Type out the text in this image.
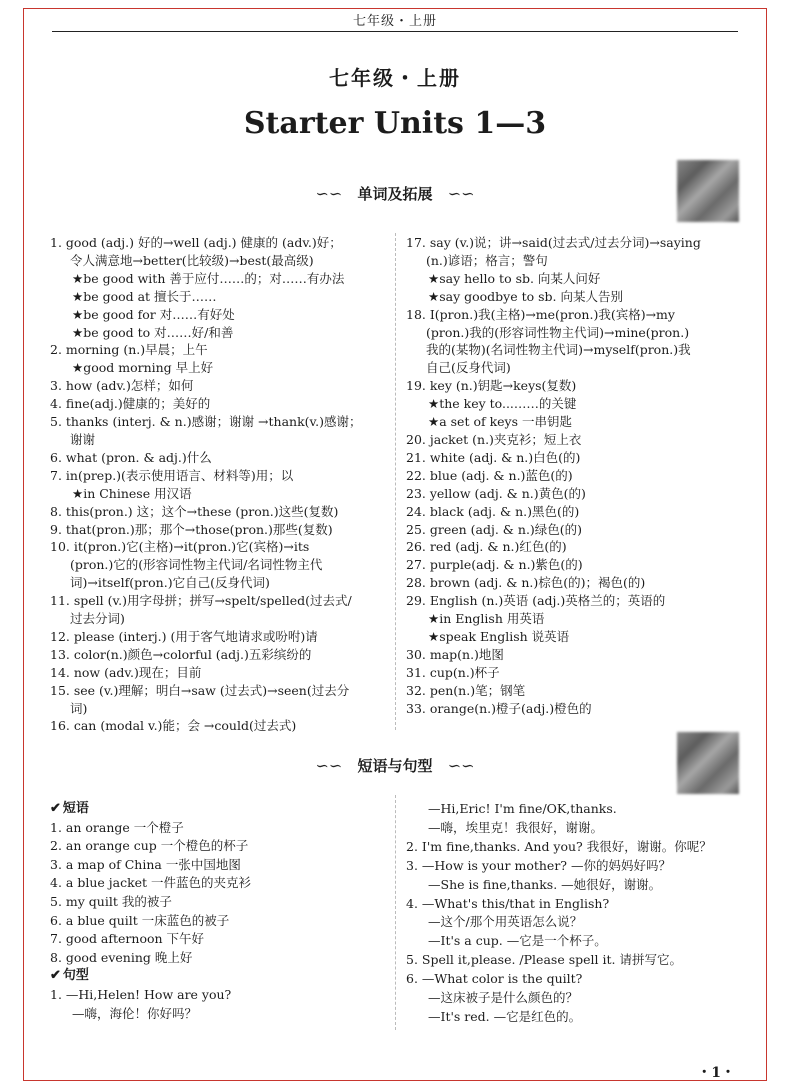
七年级・上册
七年级・上册
Starter Units 1—3
∽∽ 单词及拓展 ∽∽
1. good (adj.) 好的→well (adj.) 健康的 (adv.)好；
令人满意地→better(比较级)→best(最高级)
★be good with 善于应付……的；对……有办法
★be good at 擅长于……
★be good for 对……有好处
★be good to 对……好/和善
2. morning (n.)早晨；上午
★good morning 早上好
3. how (adv.)怎样；如何
4. fine(adj.)健康的；美好的
5. thanks (interj. & n.)感谢；谢谢 →thank(v.)感谢；
谢谢
6. what (pron. & adj.)什么
7. in(prep.)(表示使用语言、材料等)用；以
★in Chinese 用汉语
8. this(pron.) 这；这个→these (pron.)这些(复数)
9. that(pron.)那；那个→those(pron.)那些(复数)
10. it(pron.)它(主格)→it(pron.)它(宾格)→its
(pron.)它的(形容词性物主代词/名词性物主代
词)→itself(pron.)它自己(反身代词)
11. spell (v.)用字母拼；拼写→spelt/spelled(过去式/
过去分词)
12. please (interj.) (用于客气地请求或吩咐)请
13. color(n.)颜色→colorful (adj.)五彩缤纷的
14. now (adv.)现在；目前
15. see (v.)理解；明白→saw (过去式)→seen(过去分
词)
16. can (modal v.)能；会 →could(过去式)
17. say (v.)说；讲→said(过去式/过去分词)→saying
(n.)谚语；格言；警句
★say hello to sb. 向某人问好
★say goodbye to sb. 向某人告别
18. I(pron.)我(主格)→me(pron.)我(宾格)→my
(pron.)我的(形容词性物主代词)→mine(pron.)
我的(某物)(名词性物主代词)→myself(pron.)我
自己(反身代词)
19. key (n.)钥匙→keys(复数)
★the key to...……的关键
★a set of keys 一串钥匙
20. jacket (n.)夹克衫；短上衣
21. white (adj. & n.)白色(的)
22. blue (adj. & n.)蓝色(的)
23. yellow (adj. & n.)黄色(的)
24. black (adj. & n.)黑色(的)
25. green (adj. & n.)绿色(的)
26. red (adj. & n.)红色(的)
27. purple(adj. & n.)紫色(的)
28. brown (adj. & n.)棕色(的)；褐色(的)
29. English (n.)英语 (adj.)英格兰的；英语的
★in English 用英语
★speak English 说英语
30. map(n.)地图
31. cup(n.)杯子
32. pen(n.)笔；钢笔
33. orange(n.)橙子(adj.)橙色的
∽∽ 短语与句型 ∽∽
✔ 短语
1. an orange 一个橙子
2. an orange cup 一个橙色的杯子
3. a map of China 一张中国地图
4. a blue jacket 一件蓝色的夹克衫
5. my quilt 我的被子
6. a blue quilt 一床蓝色的被子
7. good afternoon 下午好
8. good evening 晚上好
✔ 句型
1. —Hi,Helen! How are you?
—嗨，海伦！你好吗？
—Hi,Eric! I'm fine/OK,thanks.
—嗨，埃里克！我很好，谢谢。
2. I'm fine,thanks. And you? 我很好，谢谢。你呢？
3. —How is your mother? —你的妈妈好吗？
—She is fine,thanks. —她很好，谢谢。
4. —What's this/that in English?
—这个/那个用英语怎么说？
—It's a cup. —它是一个杯子。
5. Spell it,please. /Please spell it. 请拼写它。
6. —What color is the quilt?
—这床被子是什么颜色的？
—It's red. —它是红色的。
・1・
